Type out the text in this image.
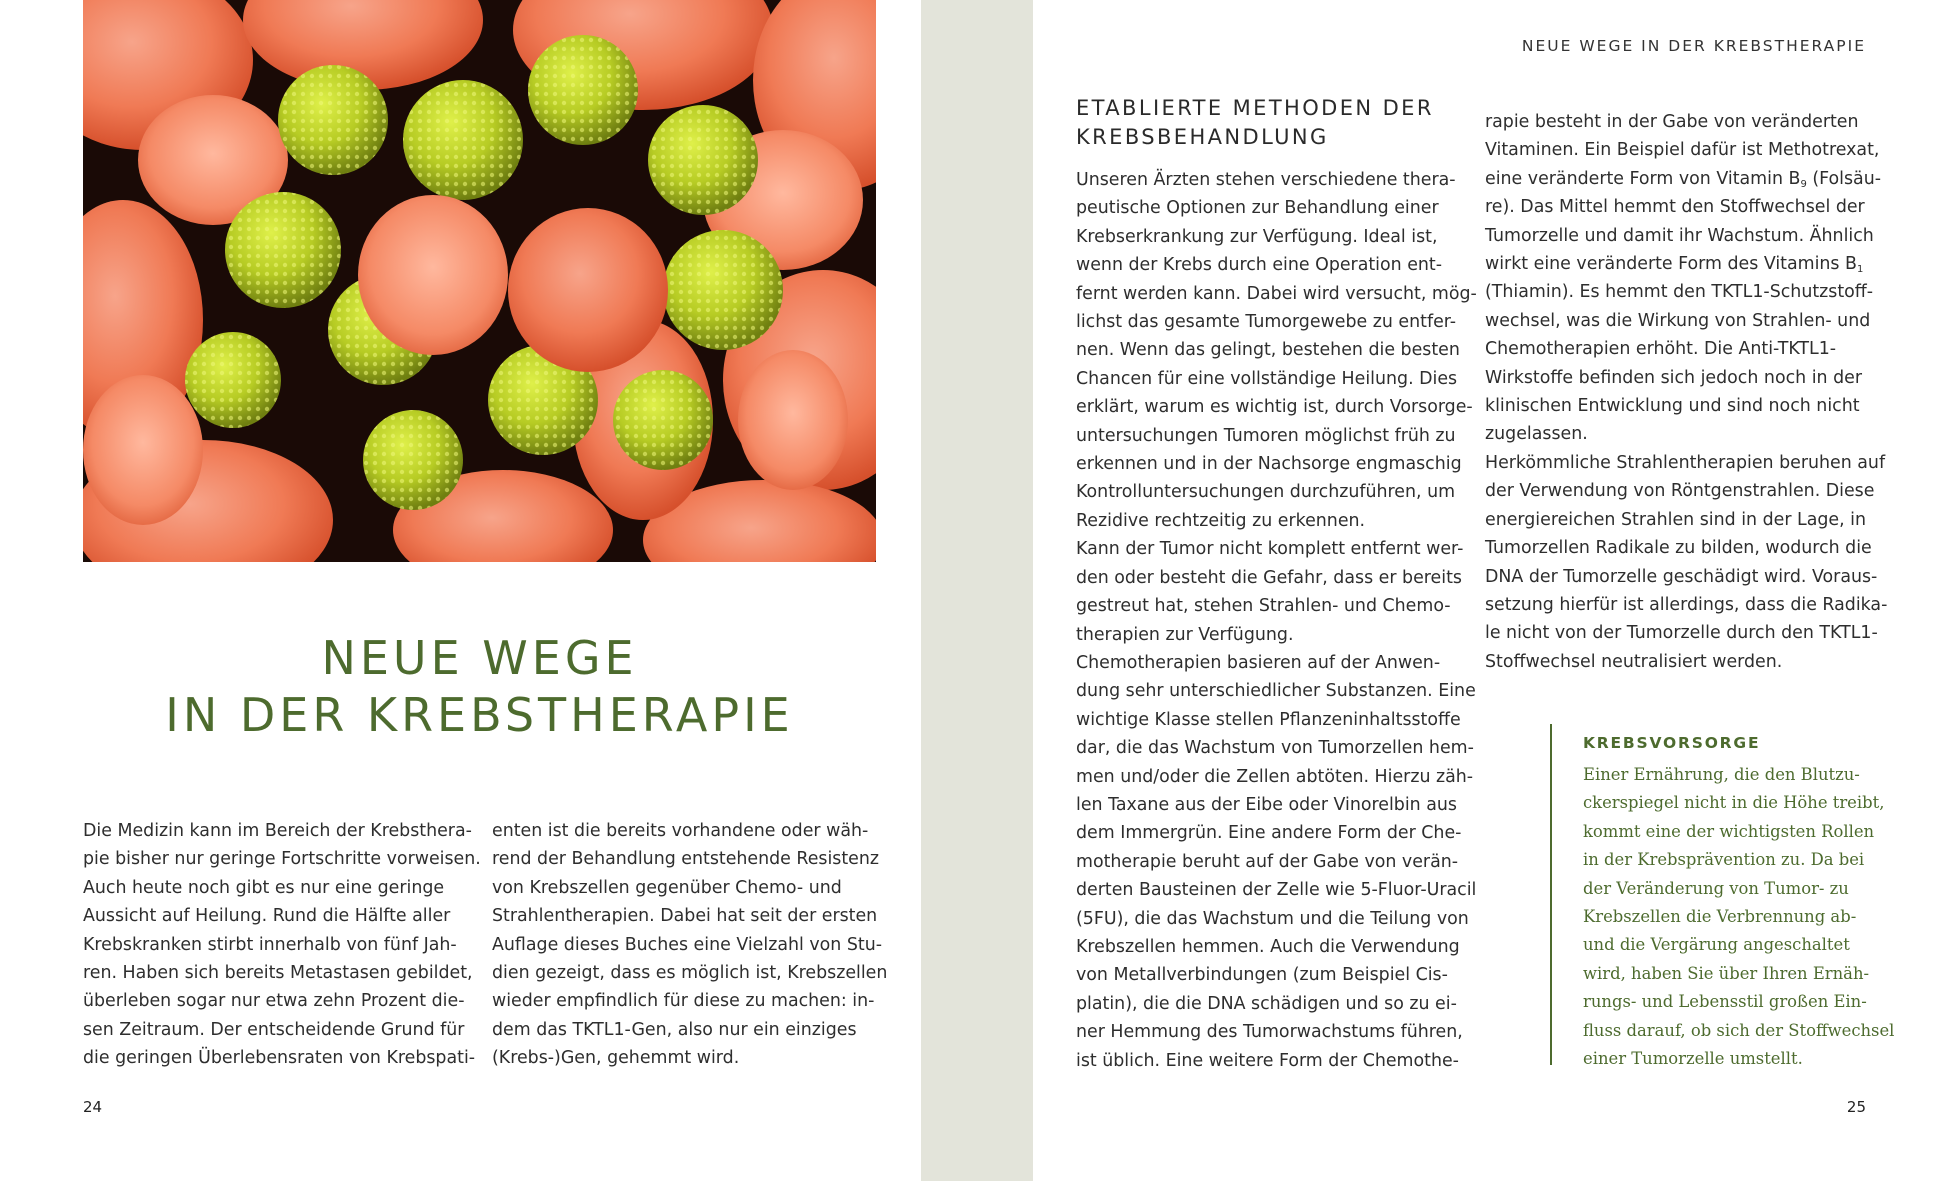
NEUE WEGE
IN DER KREBSTHERAPIE
Die Medizin kann im Bereich der Krebsthera-
pie bisher nur geringe Fortschritte vorweisen.
Auch heute noch gibt es nur eine geringe
Aussicht auf Heilung. Rund die Hälfte aller
Krebskranken stirbt innerhalb von fünf Jah-
ren. Haben sich bereits Metastasen gebildet,
überleben sogar nur etwa zehn Prozent die-
sen Zeitraum. Der entscheidende Grund für
die geringen Überlebensraten von Krebspati-
enten ist die bereits vorhandene oder wäh-
rend der Behandlung entstehende Resistenz
von Krebszellen gegenüber Chemo- und
Strahlentherapien. Dabei hat seit der ersten
Auflage dieses Buches eine Vielzahl von Stu-
dien gezeigt, dass es möglich ist, Krebszellen
wieder empfindlich für diese zu machen: in-
dem das TKTL1-Gen, also nur ein einziges
(Krebs-)Gen, gehemmt wird.
24
NEUE WEGE IN DER KREBSTHERAPIE
ETABLIERTE METHODEN DER
KREBSBEHANDLUNG
Unseren Ärzten stehen verschiedene thera-
peutische Optionen zur Behandlung einer
Krebserkrankung zur Verfügung. Ideal ist,
wenn der Krebs durch eine Operation ent-
fernt werden kann. Dabei wird versucht, mög-
lichst das gesamte Tumorgewebe zu entfer-
nen. Wenn das gelingt, bestehen die besten
Chancen für eine vollständige Heilung. Dies
erklärt, warum es wichtig ist, durch Vorsorge-
untersuchungen Tumoren möglichst früh zu
erkennen und in der Nachsorge engmaschig
Kontrolluntersuchungen durchzuführen, um
Rezidive rechtzeitig zu erkennen.
Kann der Tumor nicht komplett entfernt wer-
den oder besteht die Gefahr, dass er bereits
gestreut hat, stehen Strahlen- und Chemo-
therapien zur Verfügung.
Chemotherapien basieren auf der Anwen-
dung sehr unterschiedlicher Substanzen. Eine
wichtige Klasse stellen Pflanzeninhaltsstoffe
dar, die das Wachstum von Tumorzellen hem-
men und/oder die Zellen abtöten. Hierzu zäh-
len Taxane aus der Eibe oder Vinorelbin aus
dem Immergrün. Eine andere Form der Che-
motherapie beruht auf der Gabe von verän-
derten Bausteinen der Zelle wie 5-Fluor-Uracil
(5FU), die das Wachstum und die Teilung von
Krebszellen hemmen. Auch die Verwendung
von Metallverbindungen (zum Beispiel Cis-
platin), die die DNA schädigen und so zu ei-
ner Hemmung des Tumorwachstums führen,
ist üblich. Eine weitere Form der Chemothe-
rapie besteht in der Gabe von veränderten
Vitaminen. Ein Beispiel dafür ist Methotrexat,
eine veränderte Form von Vitamin $B_9$ (Folsäu-
re). Das Mittel hemmt den Stoffwechsel der
Tumorzelle und damit ihr Wachstum. Ähnlich
wirkt eine veränderte Form des Vitamins $B_1$
(Thiamin). Es hemmt den TKTL1-Schutzstoff-
wechsel, was die Wirkung von Strahlen- und
Chemotherapien erhöht. Die Anti-TKTL1-
Wirkstoffe befinden sich jedoch noch in der
klinischen Entwicklung und sind noch nicht
zugelassen.
Herkömmliche Strahlentherapien beruhen auf
der Verwendung von Röntgenstrahlen. Diese
energiereichen Strahlen sind in der Lage, in
Tumorzellen Radikale zu bilden, wodurch die
DNA der Tumorzelle geschädigt wird. Voraus-
setzung hierfür ist allerdings, dass die Radika-
le nicht von der Tumorzelle durch den TKTL1-
Stoffwechsel neutralisiert werden.
KREBSVORSORGE
Einer Ernährung, die den Blutzu-
ckerspiegel nicht in die Höhe treibt,
kommt eine der wichtigsten Rollen
in der Krebsprävention zu. Da bei
der Veränderung von Tumor- zu
Krebszellen die Verbrennung ab-
und die Vergärung angeschaltet
wird, haben Sie über Ihren Ernäh-
rungs- und Lebensstil großen Ein-
fluss darauf, ob sich der Stoffwechsel
einer Tumorzelle umstellt.
25
